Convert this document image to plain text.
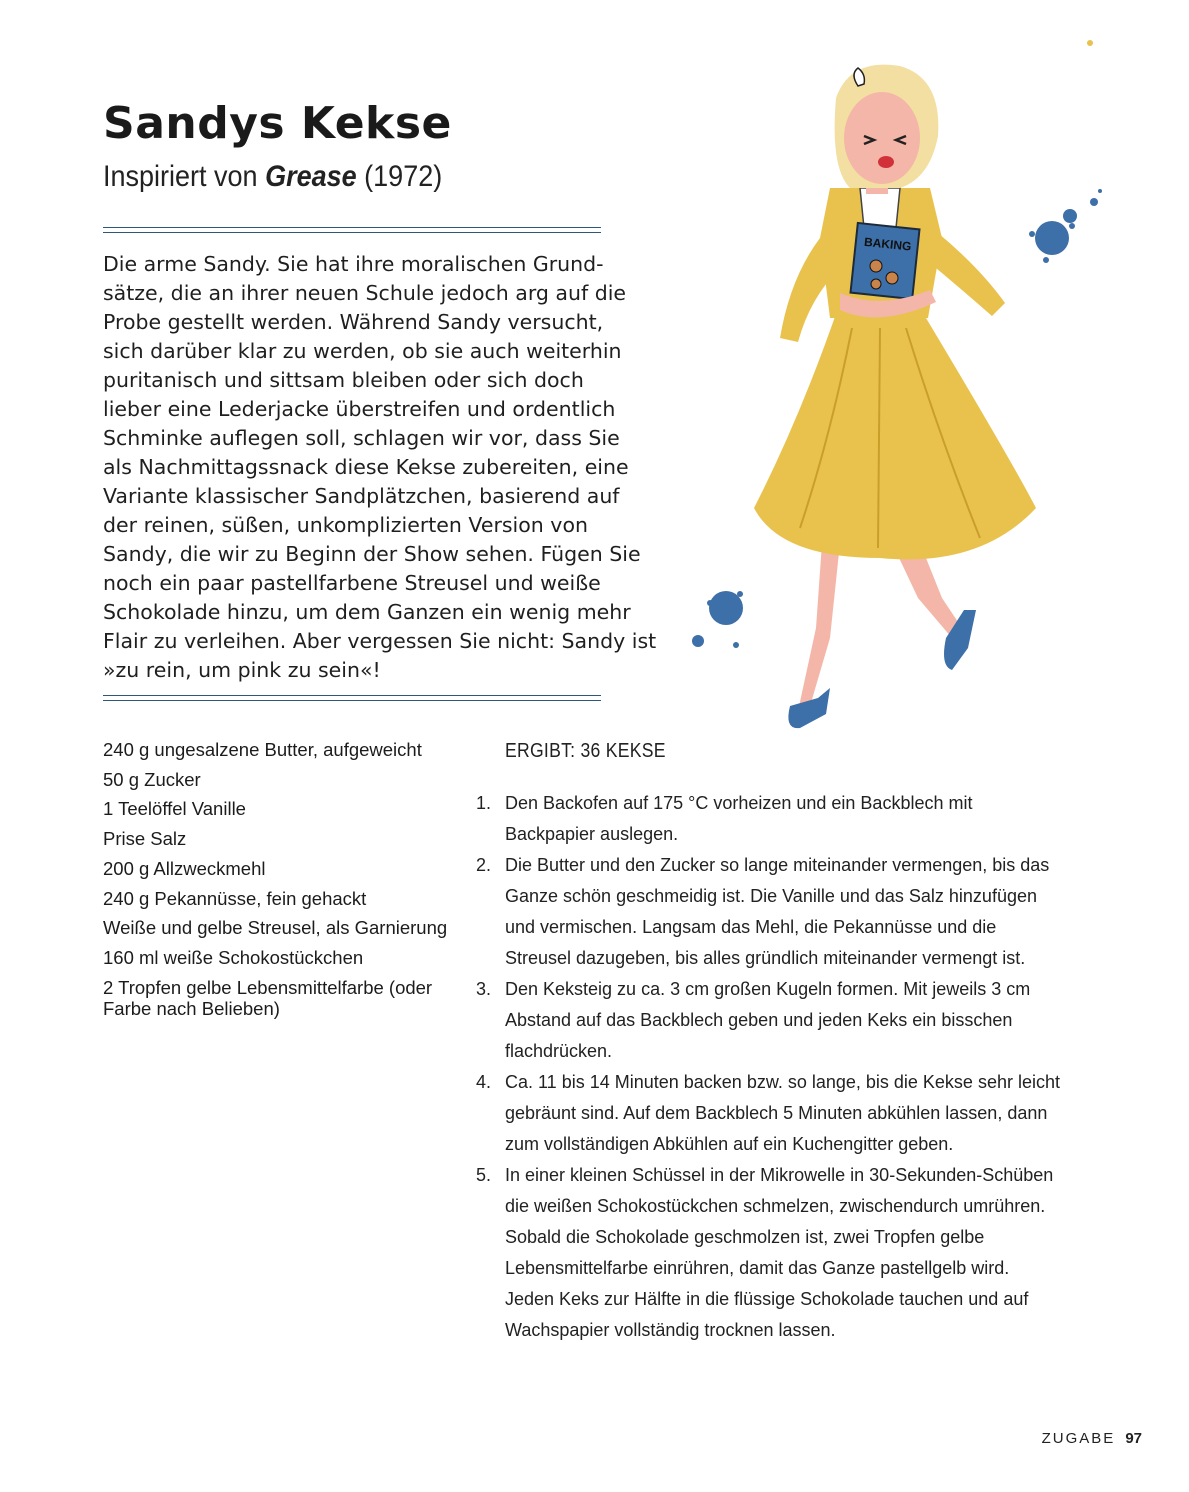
Sandys Kekse
Inspiriert von Grease (1972)

Die arme Sandy. Sie hat ihre moralischen Grund-
sätze, die an ihrer neuen Schule jedoch arg auf die
Probe gestellt werden. Während Sandy versucht,
sich darüber klar zu werden, ob sie auch weiterhin
puritanisch und sittsam bleiben oder sich doch
lieber eine Lederjacke überstreifen und ordentlich
Schminke auflegen soll, schlagen wir vor, dass Sie
als Nachmittagssnack diese Kekse zubereiten, eine
Variante klassischer Sandplätzchen, basierend auf
der reinen, süßen, unkomplizierten Version von
Sandy, die wir zu Beginn der Show sehen. Fügen Sie
noch ein paar pastellfarbene Streusel und weiße
Schokolade hinzu, um dem Ganzen ein wenig mehr
Flair zu verleihen. Aber vergessen Sie nicht: Sandy ist
»zu rein, um pink zu sein«!

240 g ungesalzene Butter, aufgeweicht
50 g Zucker
1 Teelöffel Vanille
Prise Salz
200 g Allzweckmehl
240 g Pekannüsse, fein gehackt
Weiße und gelbe Streusel, als Garnierung
160 ml weiße Schokostückchen
2 Tropfen gelbe Lebensmittelfarbe (oder Farbe nach Belieben)
ERGIBT: 36 KEKSE
1. Den Backofen auf 175 °C vorheizen und ein Backblech mit Backpapier auslegen.
2. Die Butter und den Zucker so lange miteinander vermengen, bis das Ganze schön geschmeidig ist. Die Vanille und das Salz hinzufügen und vermischen. Langsam das Mehl, die Pekannüsse und die Streusel dazugeben, bis alles gründlich miteinander vermengt ist.
3. Den Keksteig zu ca. 3 cm großen Kugeln formen. Mit jeweils 3 cm Abstand auf das Backblech geben und jeden Keks ein bisschen flachdrücken.
4. Ca. 11 bis 14 Minuten backen bzw. so lange, bis die Kekse sehr leicht gebräunt sind. Auf dem Backblech 5 Minuten abkühlen lassen, dann zum vollständigen Abkühlen auf ein Kuchengitter geben.
5. In einer kleinen Schüssel in der Mikrowelle in 30-Sekunden-Schüben die weißen Schokostückchen schmelzen, zwischendurch umrühren. Sobald die Schokolade geschmolzen ist, zwei Tropfen gelbe Lebensmittelfarbe einrühren, damit das Ganze pastellgelb wird. Jeden Keks zur Hälfte in die flüssige Schokolade tauchen und auf Wachspapier vollständig trocknen lassen.
BAKING
ZUGABE 97
